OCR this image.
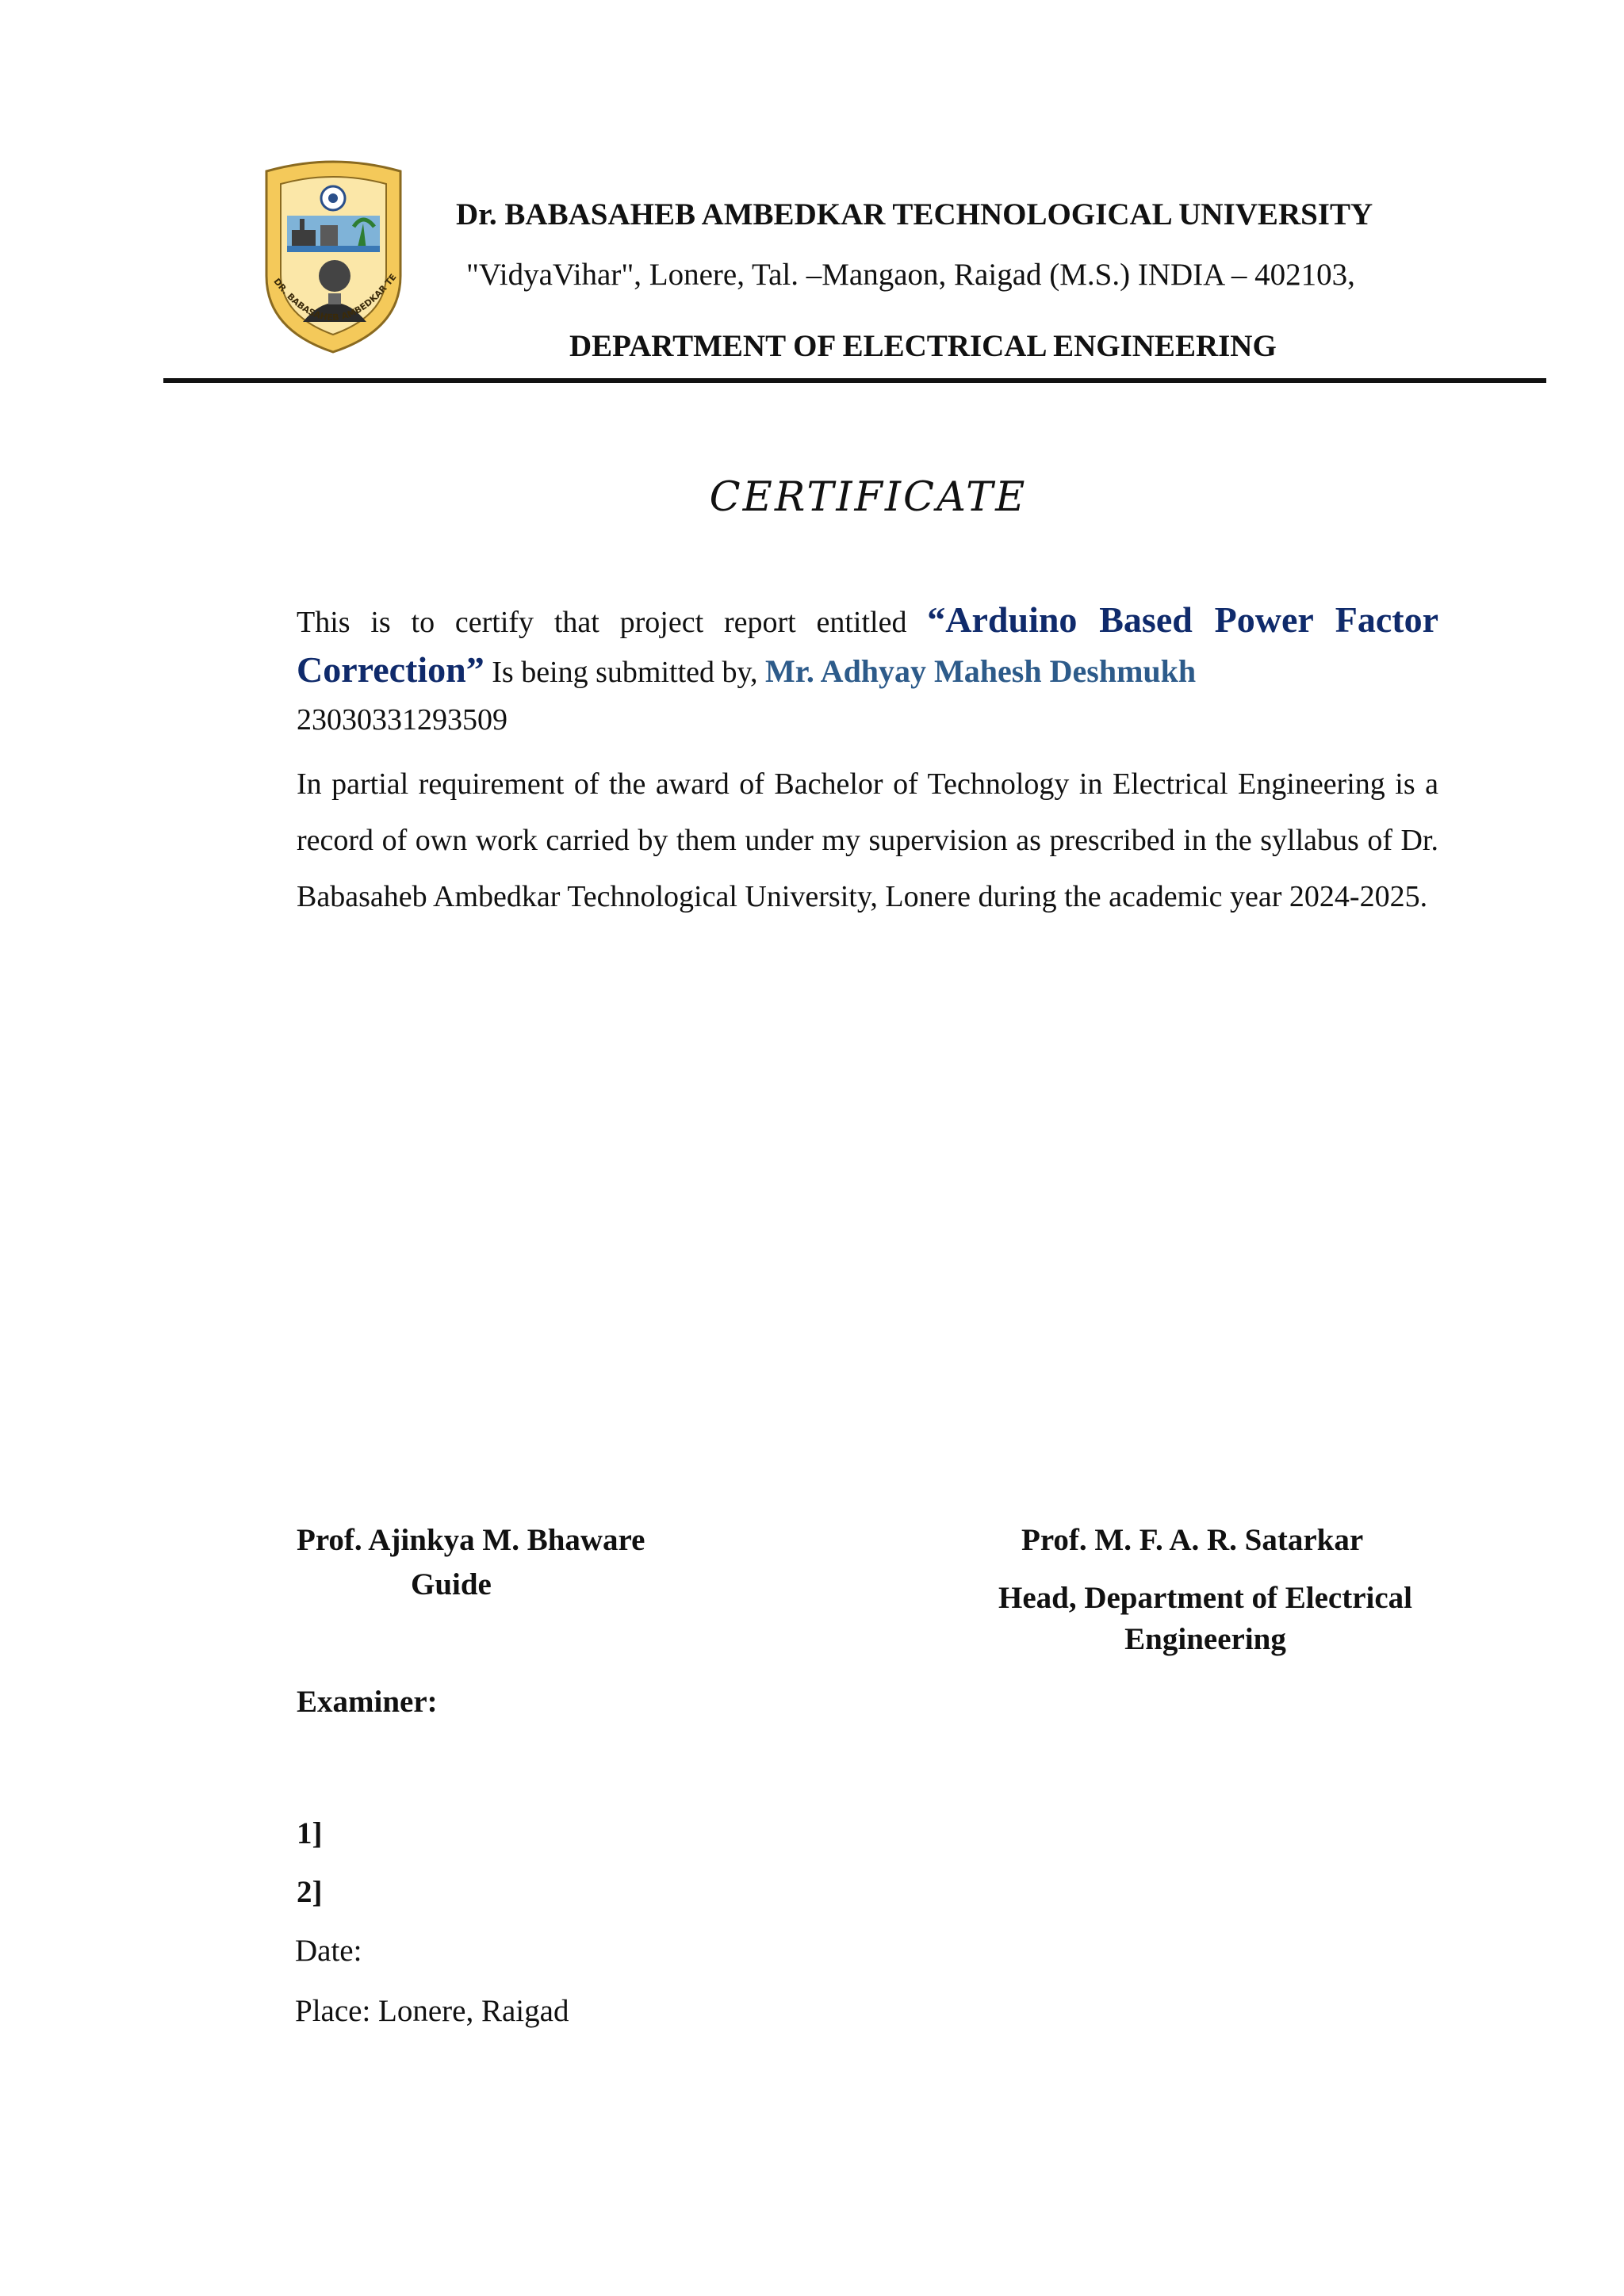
DR. BABASAHEB AMBEDKAR TE
Dr. BABASAHEB AMBEDKAR TECHNOLOGICAL UNIVERSITY
"VidyaVihar", Lonere, Tal. –Mangaon, Raigad (M.S.) INDIA – 402103,
DEPARTMENT OF ELECTRICAL ENGINEERING
CERTIFICATE
This is to certify that project report entitled “Arduino Based Power Factor Correction” Is being submitted by, Mr. Adhyay Mahesh Deshmukh
23030331293509
In partial requirement of the award of Bachelor of Technology in Electrical Engineering is a record of own work carried by them under my supervision as prescribed in the syllabus of Dr. Babasaheb Ambedkar Technological University, Lonere during the academic year 2024-2025.
Prof. Ajinkya M. Bhaware
Guide
Prof. M. F. A. R. Satarkar
Head, Department of Electrical Engineering
Examiner:
1]
2]
Date:
Place: Lonere, Raigad
